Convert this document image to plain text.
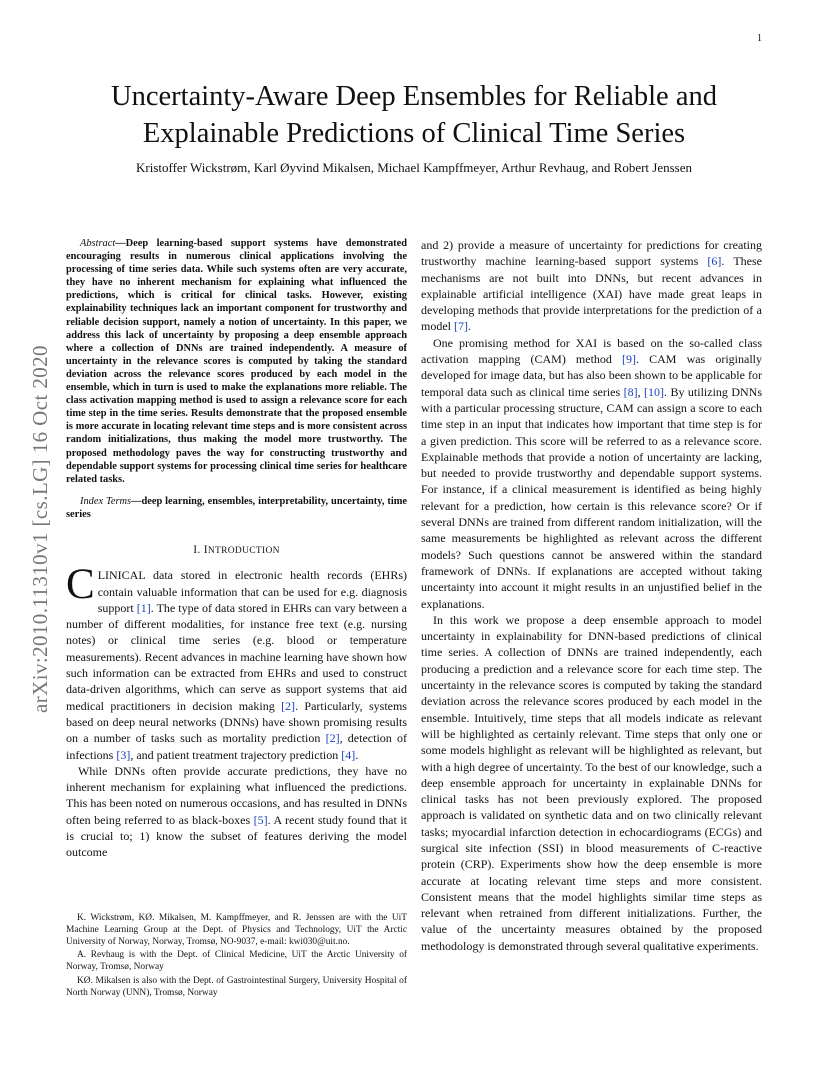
1
arXiv:2010.11310v1 [cs.LG] 16 Oct 2020
Uncertainty-Aware Deep Ensembles for Reliable and Explainable Predictions of Clinical Time Series
Kristoffer Wickstrøm, Karl Øyvind Mikalsen, Michael Kampffmeyer, Arthur Revhaug, and Robert Jenssen

Abstract—Deep learning-based support systems have demonstrated encouraging results in numerous clinical applications involving the processing of time series data. While such systems often are very accurate, they have no inherent mechanism for explaining what influenced the predictions, which is critical for clinical tasks. However, existing explainability techniques lack an important component for trustworthy and reliable decision support, namely a notion of uncertainty. In this paper, we address this lack of uncertainty by proposing a deep ensemble approach where a collection of DNNs are trained independently. A measure of uncertainty in the relevance scores is computed by taking the standard deviation across the relevance scores produced by each model in the ensemble, which in turn is used to make the explanations more reliable. The class activation mapping method is used to assign a relevance score for each time step in the time series. Results demonstrate that the proposed ensemble is more accurate in locating relevant time steps and is more consistent across random initializations, thus making the model more trustworthy. The proposed methodology paves the way for constructing trustworthy and dependable support systems for processing clinical time series for healthcare related tasks.

Index Terms—deep learning, ensembles, interpretability, uncertainty, time series

I. INTRODUCTION

CLINICAL data stored in electronic health records (EHRs) contain valuable information that can be used for e.g. diagnosis support [1]. The type of data stored in EHRs can vary between a number of different modalities, for instance free text (e.g. nursing notes) or clinical time series (e.g. blood or temperature measurements). Recent advances in machine learning have shown how such information can be extracted from EHRs and used to construct data-driven algorithms, which can serve as support systems that aid medical practitioners in decision making [2]. Particularly, systems based on deep neural networks (DNNs) have shown promising results on a number of tasks such as mortality prediction [2], detection of infections [3], and patient treatment trajectory prediction [4].

While DNNs often provide accurate predictions, they have no inherent mechanism for explaining what influenced the predictions. This has been noted on numerous occasions, and has resulted in DNNs often being referred to as black-boxes [5]. A recent study found that it is crucial to; 1) know the subset of features deriving the model outcome

K. Wickstrøm, KØ. Mikalsen, M. Kampffmeyer, and R. Jenssen are with the UiT Machine Learning Group at the Dept. of Physics and Technology, UiT the Arctic University of Norway, Norway, Tromsø, NO-9037, e-mail: kwi030@uit.no.

A. Revhaug is with the Dept. of Clinical Medicine, UiT the Arctic University of Norway, Tromsø, Norway

KØ. Mikalsen is also with the Dept. of Gastrointestinal Surgery, University Hospital of North Norway (UNN), Tromsø, Norway

and 2) provide a measure of uncertainty for predictions for creating trustworthy machine learning-based support systems [6]. These mechanisms are not built into DNNs, but recent advances in explainable artificial intelligence (XAI) have made great leaps in developing methods that provide interpretations for the prediction of a model [7].

One promising method for XAI is based on the so-called class activation mapping (CAM) method [9]. CAM was originally developed for image data, but has also been shown to be applicable for temporal data such as clinical time series [8], [10]. By utilizing DNNs with a particular processing structure, CAM can assign a score to each time step in an input that indicates how important that time step is for a given prediction. This score will be referred to as a relevance score. Explainable methods that provide a notion of uncertainty are lacking, but needed to provide trustworthy and dependable support systems. For instance, if a clinical measurement is identified as being highly relevant for a prediction, how certain is this relevance score? Or if several DNNs are trained from different random initialization, will the same measurements be highlighted as relevant across the different models? Such questions cannot be answered within the standard framework of DNNs. If explanations are accepted without taking uncertainty into account it might results in an unjustified belief in the explanations.

In this work we propose a deep ensemble approach to model uncertainty in explainability for DNN-based predictions of clinical time series. A collection of DNNs are trained independently, each producing a prediction and a relevance score for each time step. The uncertainty in the relevance scores is computed by taking the standard deviation across the relevance scores produced by each model in the ensemble. Intuitively, time steps that all models indicate as relevant will be highlighted as certainly relevant. Time steps that only one or some models highlight as relevant will be highlighted as relevant, but with a high degree of uncertainty. To the best of our knowledge, such a deep ensemble approach for uncertainty in explainable DNNs for clinical tasks has not been previously explored. The proposed approach is validated on synthetic data and on two clinically relevant tasks; myocardial infarction detection in echocardiograms (ECGs) and surgical site infection (SSI) in blood measurements of C-reactive protein (CRP). Experiments show how the deep ensemble is more accurate at locating relevant time steps and more consistent. Consistent means that the model highlights similar time steps as relevant when retrained from different initializations. Further, the value of the uncertainty measures obtained by the proposed methodology is demonstrated through several qualitative experiments.
